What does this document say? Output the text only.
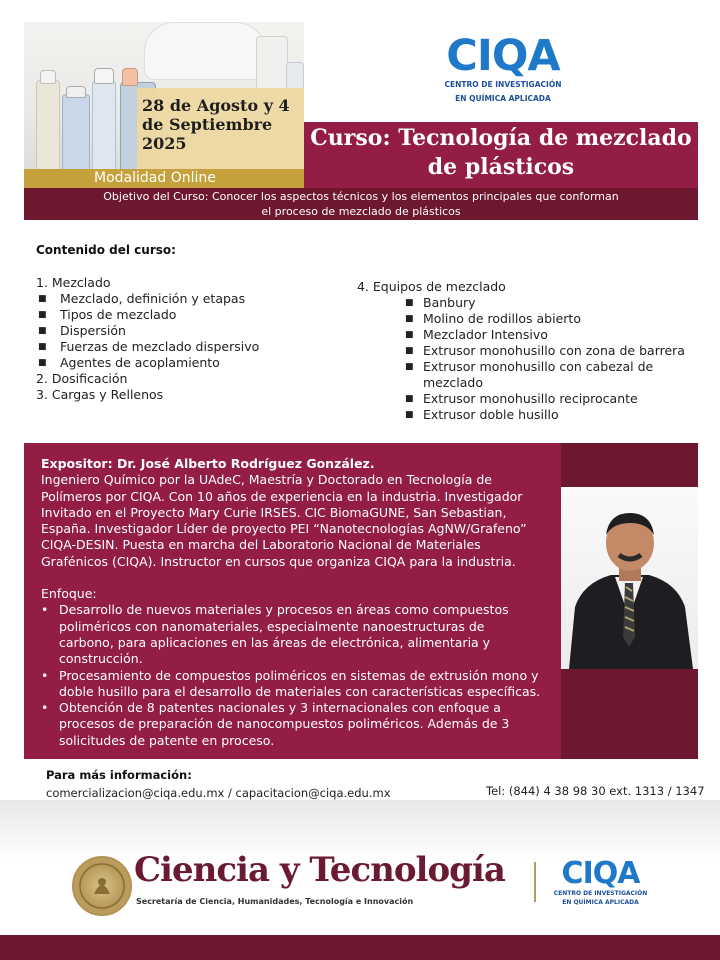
28 de Agosto y 4
de Septiembre
2025
Modalidad Online
CIQA
CENTRO DE INVESTIGACIÓN
EN QUÍMICA APLICADA
Curso: Tecnología de mezclado
de plásticos
Objetivo del Curso: Conocer los aspectos técnicos y los elementos principales que conforman
el proceso de mezclado de plásticos
Contenido del curso:
1. Mezclado
■ Mezclado, definición y etapas
■ Tipos de mezclado
■ Dispersión
■ Fuerzas de mezclado dispersivo
■ Agentes de acoplamiento
2. Dosificación
3. Cargas y Rellenos
4. Equipos de mezclado
■ Banbury
■ Molino de rodillos abierto
■ Mezclador Intensivo
■ Extrusor monohusillo con zona de barrera
■ Extrusor monohusillo con cabezal de mezclado
■ Extrusor monohusillo reciprocante
■ Extrusor doble husillo
Expositor: Dr. José Alberto Rodríguez González.
Ingeniero Químico por la UAdeC, Maestría y Doctorado en Tecnología de Polímeros por CIQA. Con 10 años de experiencia en la industria. Investigador Invitado en el Proyecto Mary Curie IRSES. CIC BiomaGUNE, San Sebastian, España. Investigador Líder de proyecto PEI “Nanotecnologías AgNW/Grafeno” CIQA-DESIN. Puesta en marcha del Laboratorio Nacional de Materiales Grafénicos (CIQA). Instructor en cursos que organiza CIQA para la industria.
Enfoque:
• Desarrollo de nuevos materiales y procesos en áreas como compuestos poliméricos con nanomateriales, especialmente nanoestructuras de carbono, para aplicaciones en las áreas de electrónica, alimentaria y construcción.
• Procesamiento de compuestos poliméricos en sistemas de extrusión mono y doble husillo para el desarrollo de materiales con características específicas.
• Obtención de 8 patentes nacionales y 3 internacionales con enfoque a procesos de preparación de nanocompuestos poliméricos. Además de 3 solicitudes de patente en proceso.
Para más información:
comercializacion@ciqa.edu.mx / capacitacion@ciqa.edu.mx	Tel: (844) 4 38 98 30 ext. 1313 / 1347
Ciencia y Tecnología
Secretaría de Ciencia, Humanidades, Tecnología e Innovación
CIQA
CENTRO DE INVESTIGACIÓN
EN QUÍMICA APLICADA
